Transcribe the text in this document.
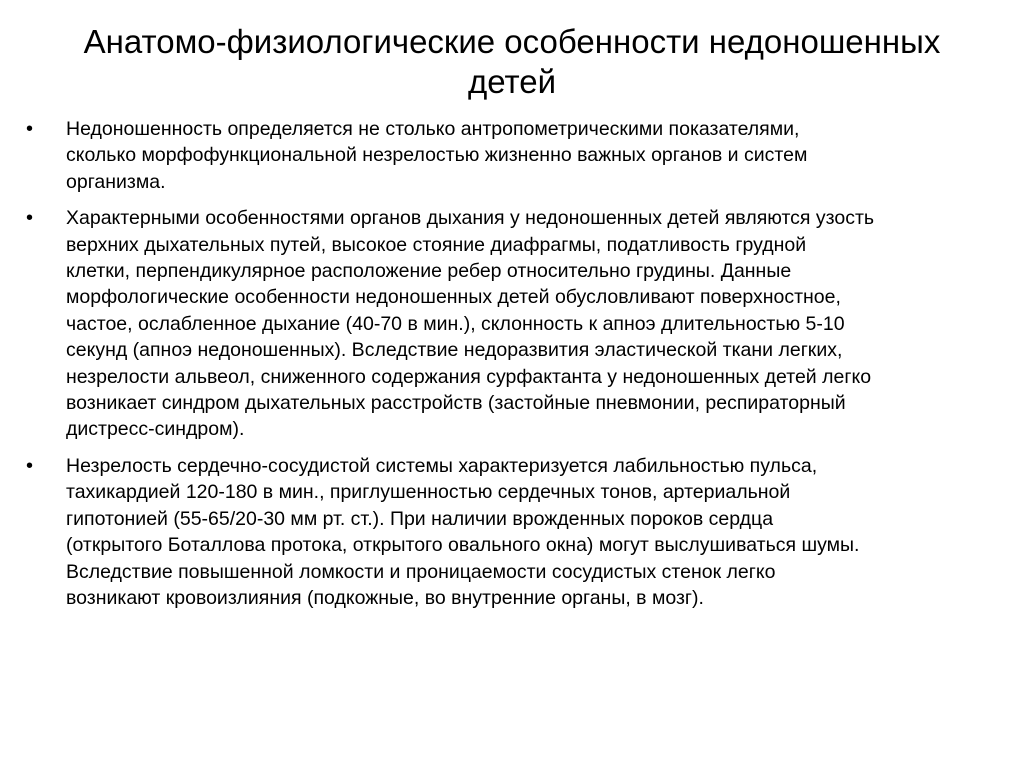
Анатомо-физиологические особенности недоношенных
детей
•	Недоношенность определяется не столько антропометрическими показателями,
сколько морфофункциональной незрелостью жизненно важных органов и систем
организма.
•	Характерными особенностями органов дыхания у недоношенных детей являются узость
верхних дыхательных путей, высокое стояние диафрагмы, податливость грудной
клетки, перпендикулярное расположение ребер относительно грудины. Данные
морфологические особенности недоношенных детей обусловливают поверхностное,
частое, ослабленное дыхание (40-70 в мин.), склонность к апноэ длительностью 5-10
секунд (апноэ недоношенных). Вследствие недоразвития эластической ткани легких,
незрелости альвеол, сниженного содержания сурфактанта у недоношенных детей легко
возникает синдром дыхательных расстройств (застойные пневмонии, респираторный
дистресс-синдром).
•	Незрелость сердечно-сосудистой системы характеризуется лабильностью пульса,
тахикардией 120-180 в мин., приглушенностью сердечных тонов, артериальной
гипотонией (55-65/20-30 мм рт. ст.). При наличии врожденных пороков сердца
(открытого Боталлова протока, открытого овального окна) могут выслушиваться шумы.
Вследствие повышенной ломкости и проницаемости сосудистых стенок легко
возникают кровоизлияния (подкожные, во внутренние органы, в мозг).
